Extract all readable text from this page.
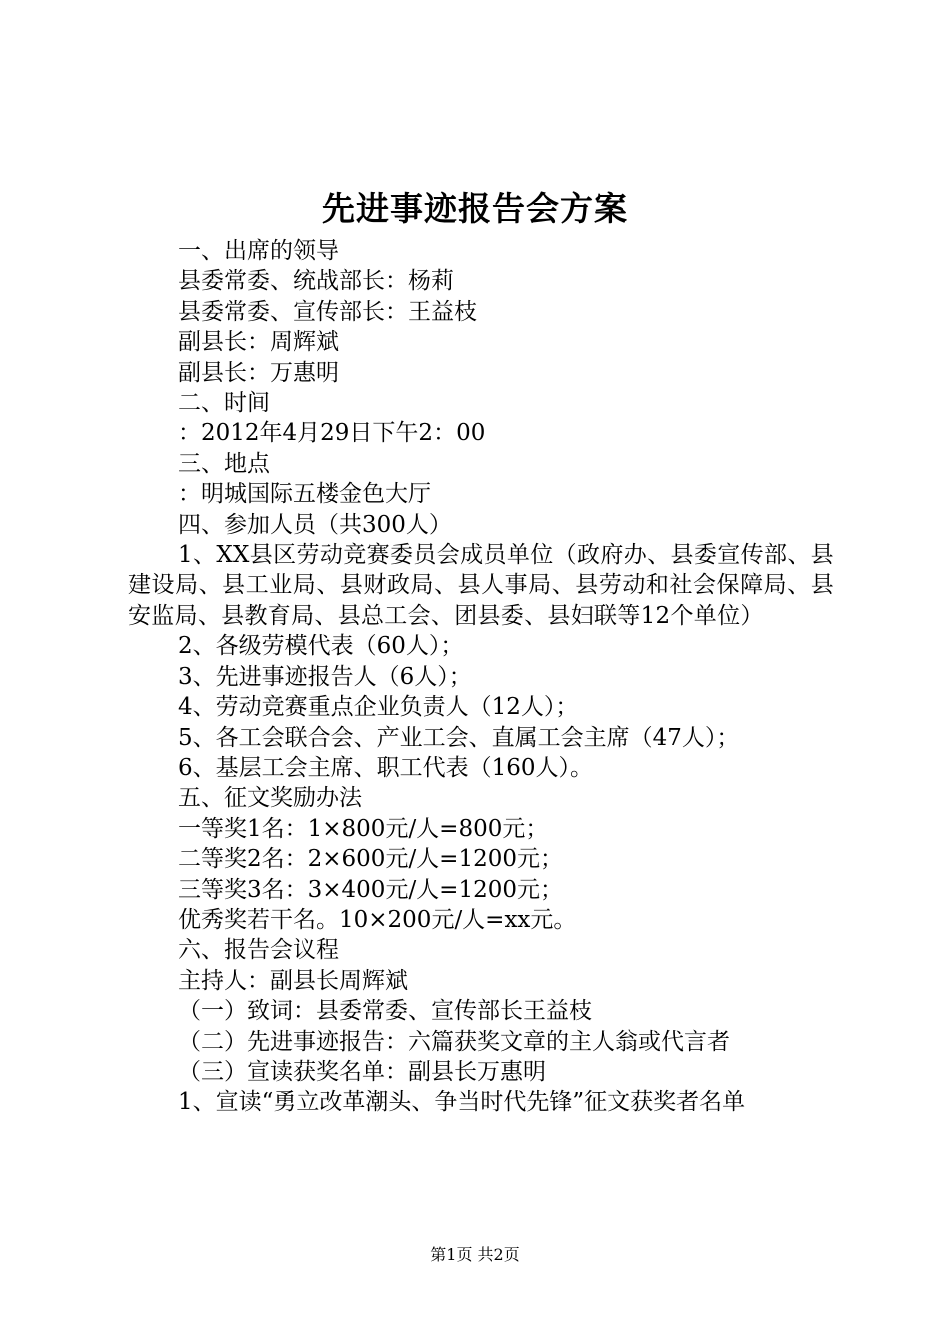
先进事迹报告会方案

一、出席的领导

县委常委、统战部长：杨莉

县委常委、宣传部长：王益枝

副县长：周辉斌

副县长：万惠明

二、时间

：2012年4月29日下午2：00

三、地点

：明城国际五楼金色大厅

四、参加人员（共300人）

1、XX县区劳动竞赛委员会成员单位（政府办、县委宣传部、县建设局、县工业局、县财政局、县人事局、县劳动和社会保障局、县安监局、县教育局、县总工会、团县委、县妇联等12个单位）

2、各级劳模代表（60人）；

3、先进事迹报告人（6人）；

4、劳动竞赛重点企业负责人（12人）；

5、各工会联合会、产业工会、直属工会主席（47人）；

6、基层工会主席、职工代表（160人）。

五、征文奖励办法

一等奖1名：1×800元/人=800元；

二等奖2名：2×600元/人=1200元；

三等奖3名：3×400元/人=1200元；

优秀奖若干名。10×200元/人=xx元。

六、报告会议程

主持人：副县长周辉斌

（一）致词：县委常委、宣传部长王益枝

（二）先进事迹报告：六篇获奖文章的主人翁或代言者

（三）宣读获奖名单：副县长万惠明

1、宣读“勇立改革潮头、争当时代先锋”征文获奖者名单

第1页 共2页
